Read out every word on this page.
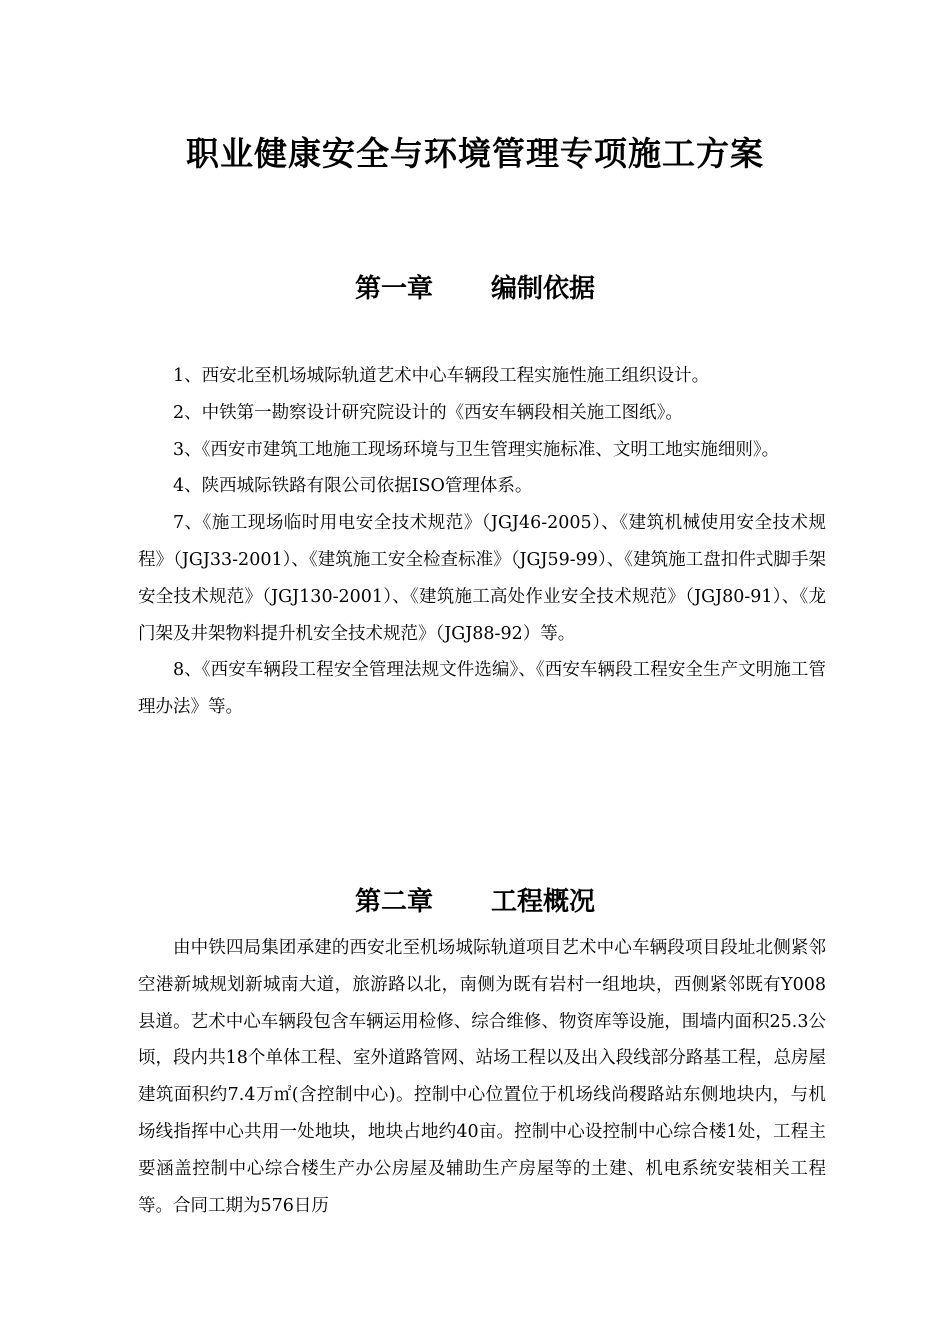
职业健康安全与环境管理专项施工方案
第一章 编制依据

1、西安北至机场城际轨道艺术中心车辆段工程实施性施工组织设计。

2、中铁第一勘察设计研究院设计的《西安车辆段相关施工图纸》。

3、《西安市建筑工地施工现场环境与卫生管理实施标准、文明工地实施细则》。

4、陕西城际铁路有限公司依据ISO管理体系。

7、《施工现场临时用电安全技术规范》（JGJ46-2005）、《建筑机械使用安全技术规程》（JGJ33-2001）、《建筑施工安全检查标准》（JGJ59-99）、《建筑施工盘扣件式脚手架安全技术规范》（JGJ130-2001）、《建筑施工高处作业安全技术规范》（JGJ80-91）、《龙门架及井架物料提升机安全技术规范》（JGJ88-92）等。

8、《西安车辆段工程安全管理法规文件选编》、《西安车辆段工程安全生产文明施工管理办法》等。

第二章 工程概况

由中铁四局集团承建的西安北至机场城际轨道项目艺术中心车辆段项目段址北侧紧邻空港新城规划新城南大道，旅游路以北，南侧为既有岩村一组地块，西侧紧邻既有Y008县道。艺术中心车辆段包含车辆运用检修、综合维修、物资库等设施，围墙内面积25.3公顷，段内共18个单体工程、室外道路管网、站场工程以及出入段线部分路基工程，总房屋建筑面积约7.4万㎡(含控制中心)。控制中心位置位于机场线尚稷路站东侧地块内，与机场线指挥中心共用一处地块，地块占地约40亩。控制中心设控制中心综合楼1处，工程主要涵盖控制中心综合楼生产办公房屋及辅助生产房屋等的土建、机电系统安装相关工程等。合同工期为576日历
